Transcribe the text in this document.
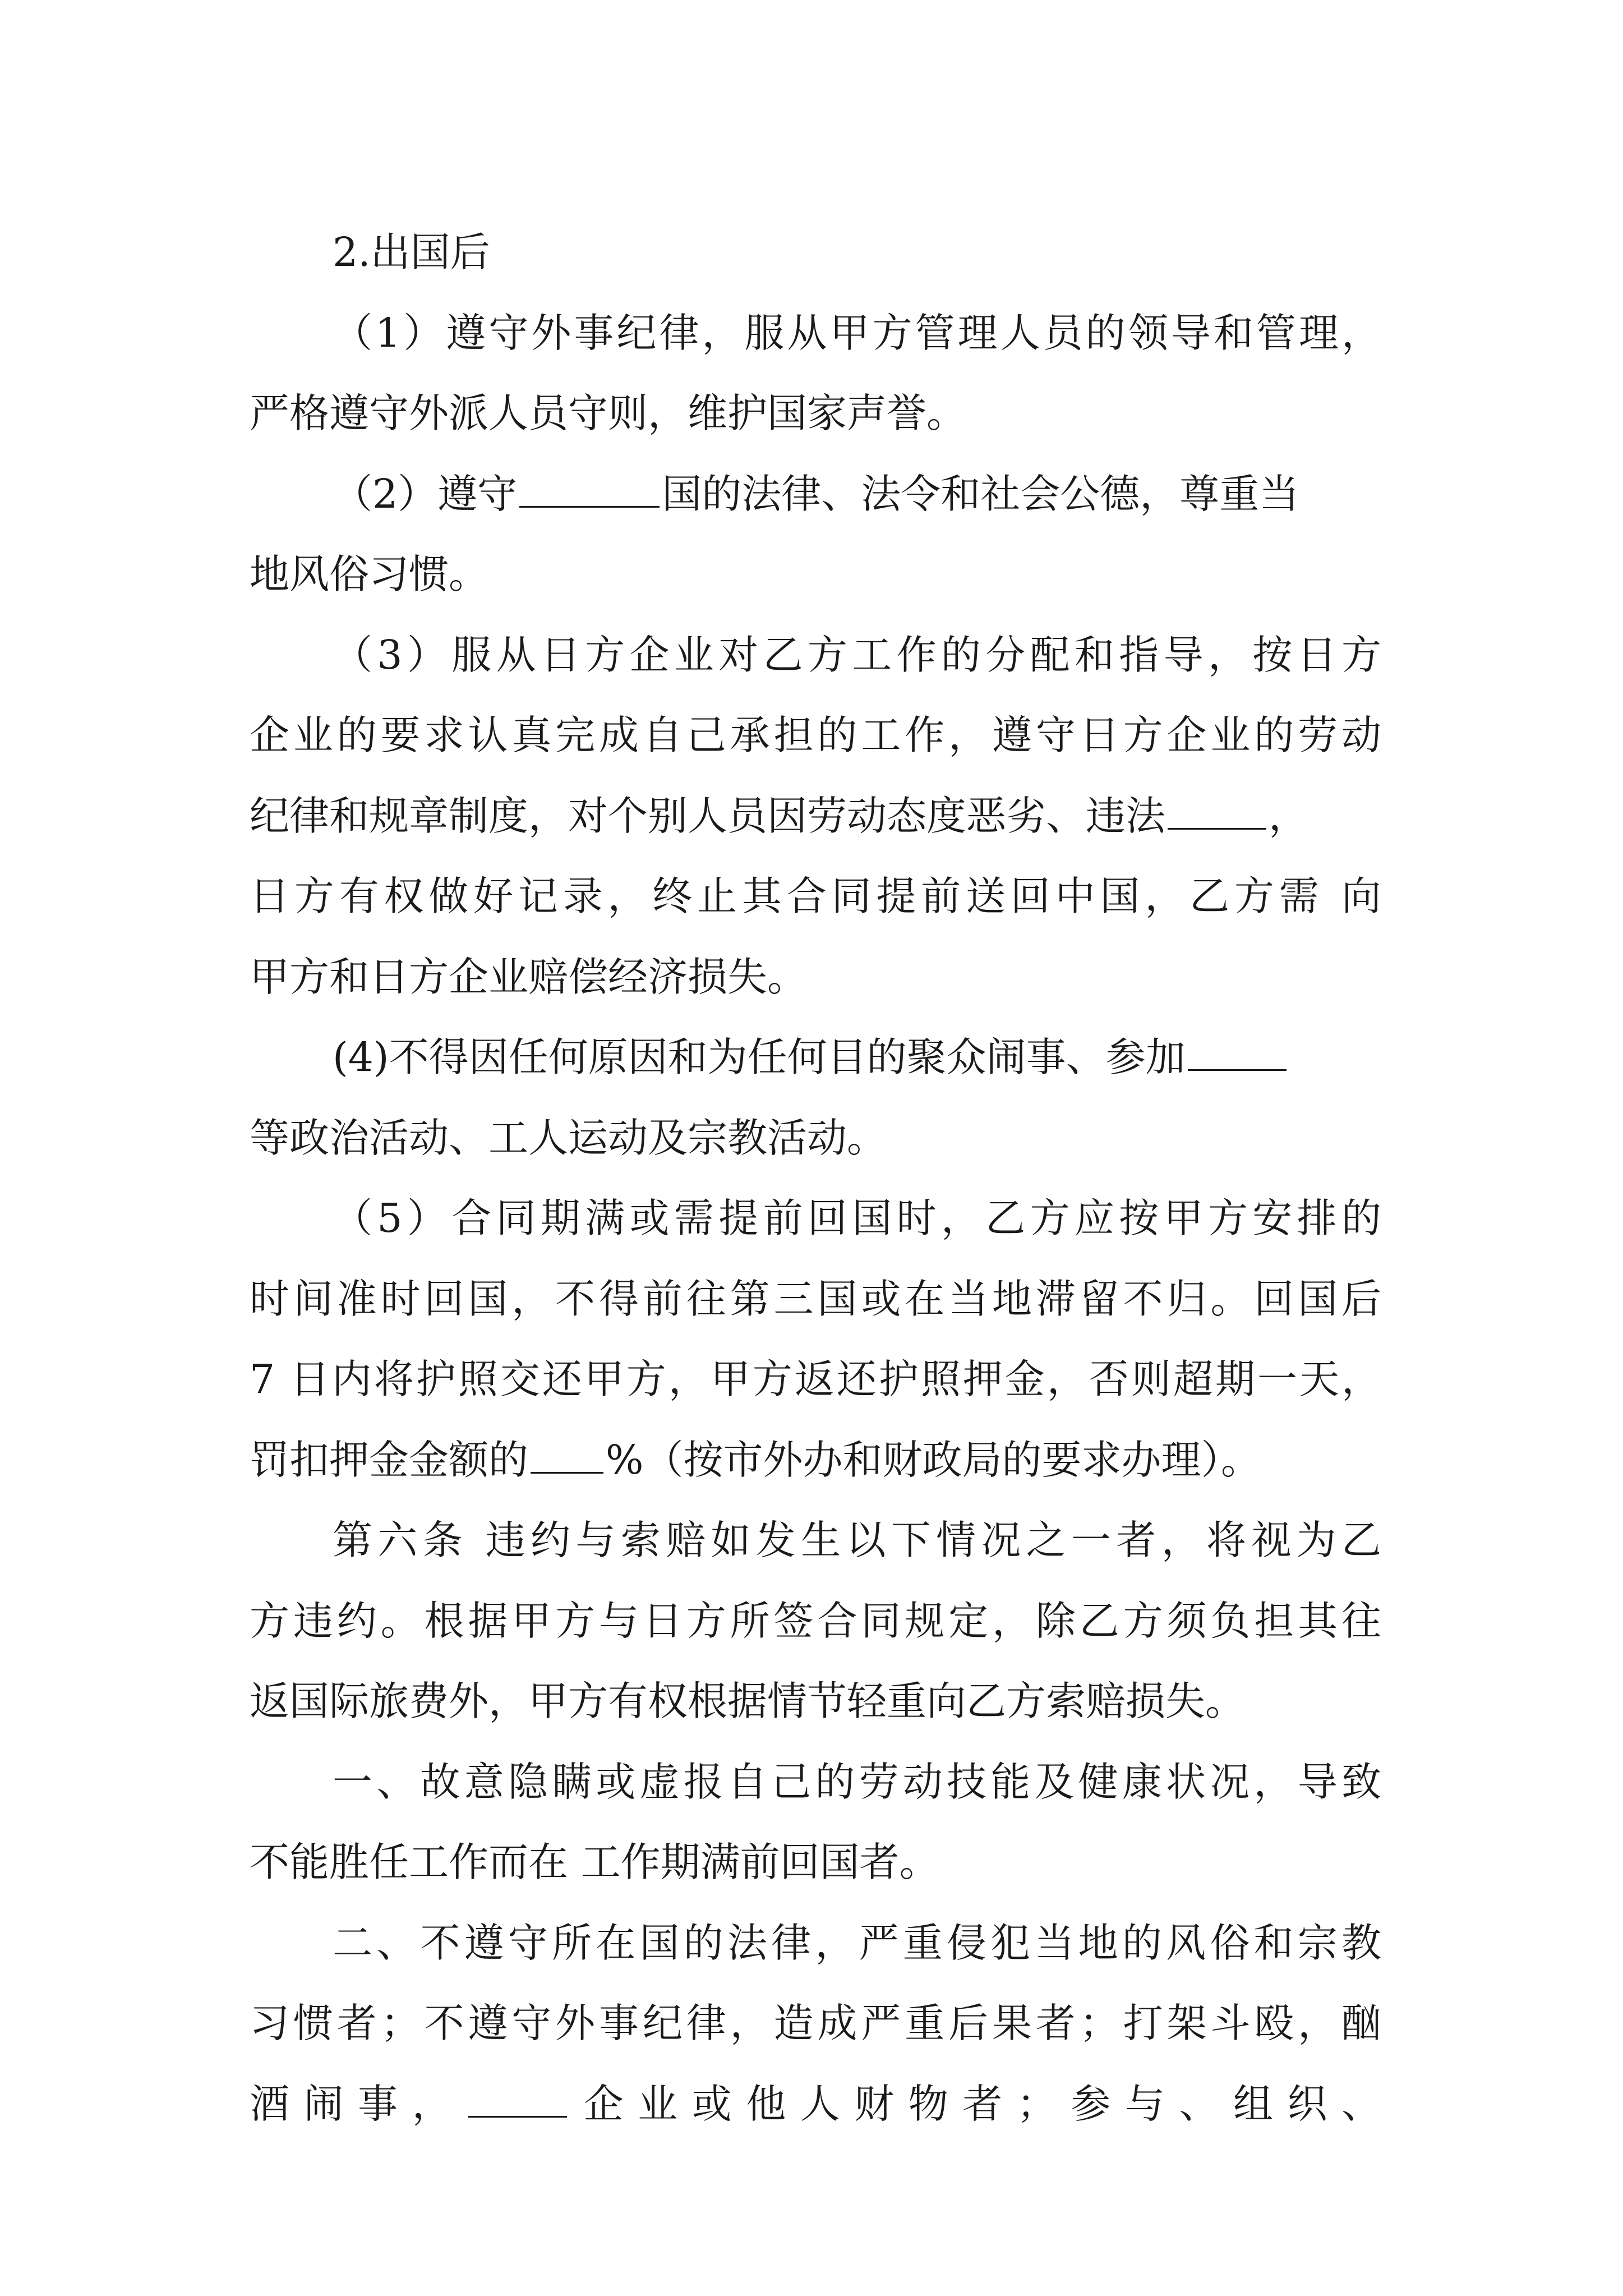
2.出国后
（1）遵守外事纪律，服从甲方管理人员的领导和管理，
严格遵守外派人员守则，维护国家声誉。
（2）遵守	国的法律、法令和社会公德，尊重当
地风俗习惯。
（3）服从日方企业对乙方工作的分配和指导，按日方
企业的要求认真完成自己承担的工作，遵守日方企业的劳动
纪律和规章制度，对个别人员因劳动态度恶劣、违法	，
日方有权做好记录，终止其合同提前送回中国，乙方需 向
甲方和日方企业赔偿经济损失。
(4)不得因任何原因和为任何目的聚众闹事、参加
等政治活动、工人运动及宗教活动。
（5）合同期满或需提前回国时，乙方应按甲方安排的
时间准时回国，不得前往第三国或在当地滞留不归。回国后
7 日内将护照交还甲方，甲方返还护照押金，否则超期一天，
罚扣押金金额的 %（按市外办和财政局的要求办理）。
第六条 违约与索赔如发生以下情况之一者，将视为乙
方违约。根据甲方与日方所签合同规定，除乙方须负担其往
返国际旅费外，甲方有权根据情节轻重向乙方索赔损失。
一、故意隐瞒或虚报自己的劳动技能及健康状况，导致
不能胜任工作而在 工作期满前回国者。
二、不遵守所在国的法律，严重侵犯当地的风俗和宗教
习惯者；不遵守外事纪律，造成严重后果者；打架斗殴，酗
酒闹事，	企业或他人财物者；参与、组织、
